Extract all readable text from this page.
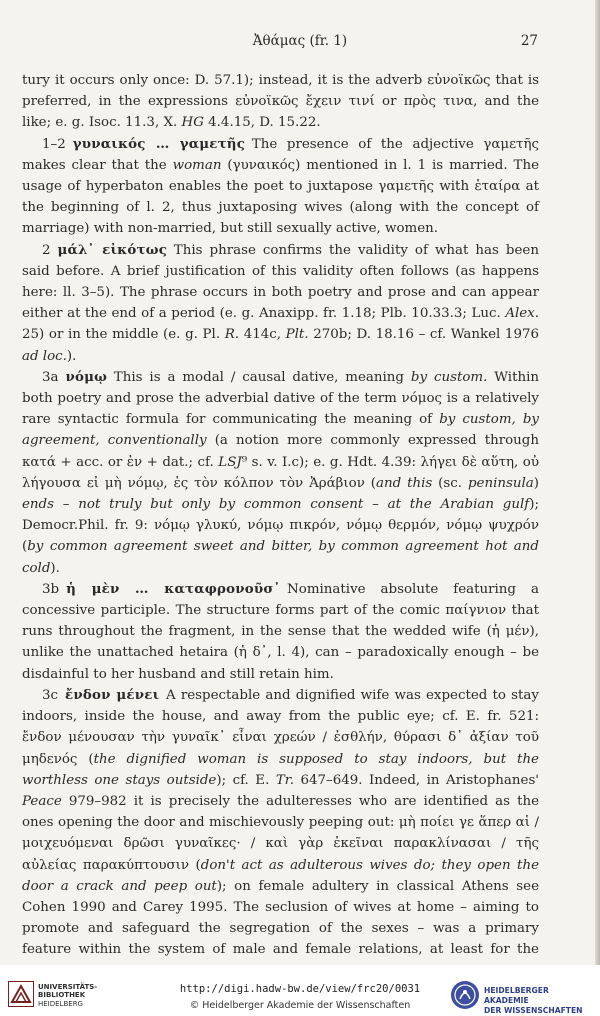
Ἀθάμας (fr. 1)	27

tury it occurs only once: D. 57.1); instead, it is the adverb εὐνοϊκῶς that is preferred, in the expressions εὐνοϊκῶς ἔχειν τινί or πρὸς τινα, and the like; e. g. Isoc. 11.3, X. HG 4.4.15, D. 15.22.

1–2 γυναικός … γαμετῆς  The presence of the adjective γαμετῆς makes clear that the woman (γυναικός) mentioned in l. 1 is married. The usage of hyperbaton enables the poet to juxtapose γαμετῆς with ἑταίρα at the beginning of l. 2, thus juxtaposing wives (along with the concept of marriage) with non-married, but still sexually active, women.

2 μάλ᾽ εἰκότως  This phrase confirms the validity of what has been said before. A brief justification of this validity often follows (as happens here: ll. 3–5). The phrase occurs in both poetry and prose and can appear either at the end of a period (e. g. Anaxipp. fr. 1.18; Plb. 10.33.3; Luc. Alex. 25) or in the middle (e. g. Pl. R. 414c, Plt. 270b; D. 18.16 – cf. Wankel 1976 ad loc.).

3a νόμῳ  This is a modal / causal dative, meaning by custom. Within both poetry and prose the adverbial dative of the term νόμος is a relatively rare syntactic formula for communicating the meaning of by custom, by agreement, conventionally (a notion more commonly expressed through κατά + acc. or ἐν + dat.; cf. LSJ⁹ s. v. I.c); e. g. Hdt. 4.39: λήγει δὲ αὕτη, οὐ λήγουσα εἰ μὴ νόμῳ, ἐς τὸν κόλπον τὸν Ἀράβιον (and this (sc. peninsula) ends – not truly but only by common consent – at the Arabian gulf); Democr.Phil. fr. 9: νόμῳ γλυκύ, νόμῳ πικρόν, νόμῳ θερμόν, νόμῳ ψυχρόν (by common agreement sweet and bitter, by common agreement hot and cold).

3b ἡ μὲν … καταφρονοῦσ᾽  Nominative absolute featuring a concessive participle. The structure forms part of the comic παίγνιον that runs throughout the fragment, in the sense that the wedded wife (ἡ μέν), unlike the unattached hetaira (ἡ δ᾽, l. 4), can – paradoxically enough – be disdainful to her husband and still retain him.

3c ἔνδον μένει  A respectable and dignified wife was expected to stay indoors, inside the house, and away from the public eye; cf. E. fr. 521: ἔνδον μένουσαν τὴν γυναῖκ᾽ εἶναι χρεών / ἐσθλήν, θύρασι δ᾽ ἀξίαν τοῦ μηδενός (the dignified woman is supposed to stay indoors, but the worthless one stays outside); cf. E. Tr. 647–649. Indeed, in Aristophanes' Peace 979–982 it is precisely the adulteresses who are identified as the ones opening the door and mischievously peeping out: μὴ ποίει γε ἅπερ αἱ / μοιχευόμεναι δρῶσι γυναῖκες· / καὶ γὰρ ἐκεῖναι παρακλίνασαι / τῆς αὐλείας παρακύπτουσιν (don't act as adulterous wives do; they open the door a crack and peep out); on female adultery in classical Athens see Cohen 1990 and Carey 1995. The seclusion of wives at home – aiming to promote and safeguard the segregation of the sexes – was a primary feature within the system of male and female relations, at least for the

UNIVERSITÄTS-
BIBLIOTHEK
HEIDELBERG
http://digi.hadw-bw.de/view/frc20/0031
© Heidelberger Akademie der Wissenschaften
HEIDELBERGER AKADEMIE
DER WISSENSCHAFTEN
